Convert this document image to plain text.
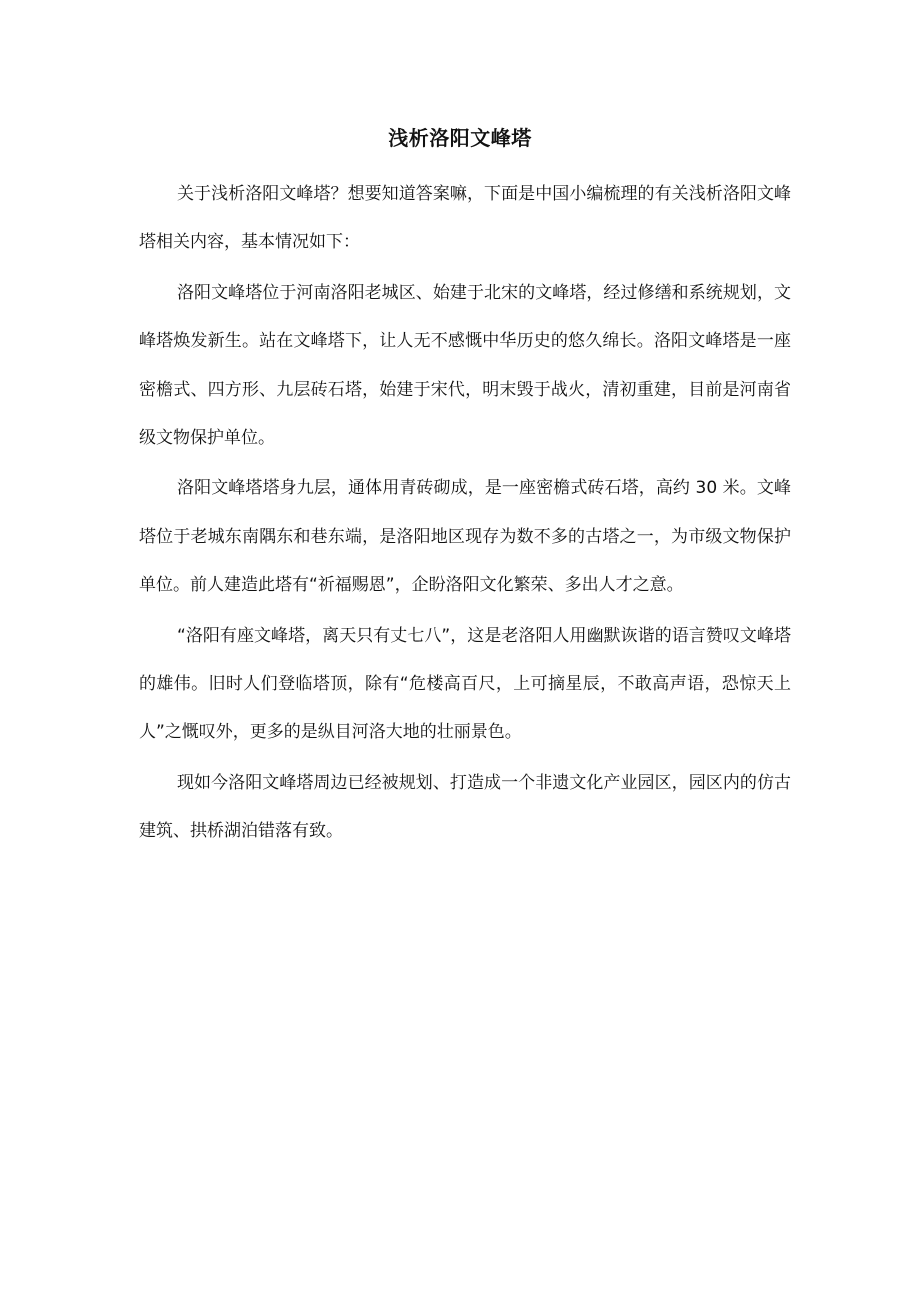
浅析洛阳文峰塔

关于浅析洛阳文峰塔？想要知道答案嘛，下面是中国小编梳理的有关浅析洛阳文峰塔相关内容，基本情况如下：

洛阳文峰塔位于河南洛阳老城区、始建于北宋的文峰塔，经过修缮和系统规划，文峰塔焕发新生。站在文峰塔下，让人无不感慨中华历史的悠久绵长。洛阳文峰塔是一座密檐式、四方形、九层砖石塔，始建于宋代，明末毁于战火，清初重建，目前是河南省级文物保护单位。

洛阳文峰塔塔身九层，通体用青砖砌成，是一座密檐式砖石塔，高约 30 米。文峰塔位于老城东南隅东和巷东端，是洛阳地区现存为数不多的古塔之一，为市级文物保护单位。前人建造此塔有“祈福赐恩”，企盼洛阳文化繁荣、多出人才之意。

“洛阳有座文峰塔，离天只有丈七八”，这是老洛阳人用幽默诙谐的语言赞叹文峰塔的雄伟。旧时人们登临塔顶，除有“危楼高百尺，上可摘星辰，不敢高声语，恐惊天上人”之慨叹外，更多的是纵目河洛大地的壮丽景色。

现如今洛阳文峰塔周边已经被规划、打造成一个非遗文化产业园区，园区内的仿古建筑、拱桥湖泊错落有致。
